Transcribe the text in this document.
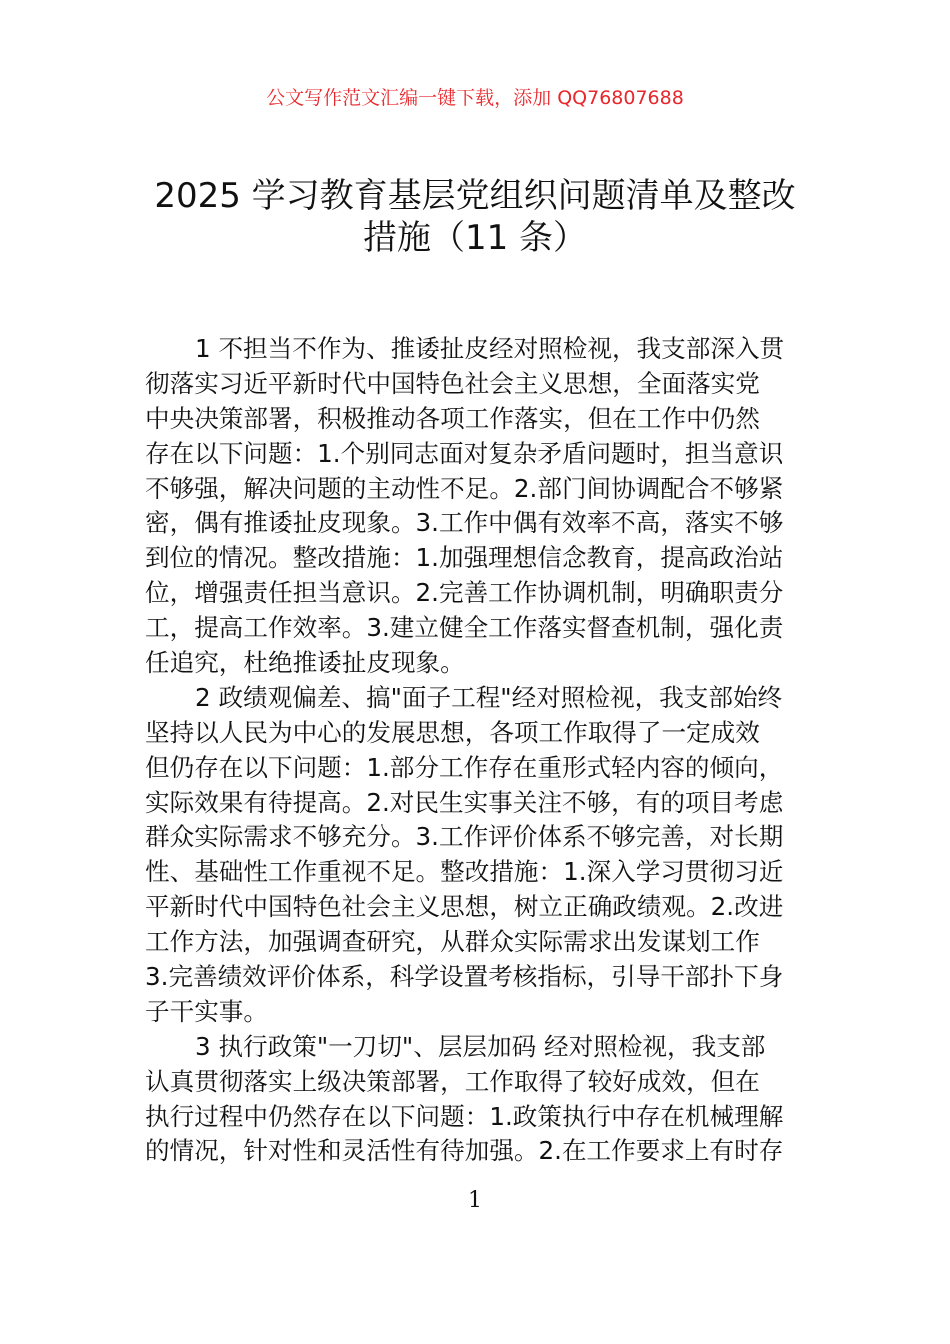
公文写作范文汇编一键下载，添加 QQ76807688
2025 学习教育基层党组织问题清单及整改
措施（11 条）
1 不担当不作为、推诿扯皮经对照检视，我支部深入贯
彻落实习近平新时代中国特色社会主义思想，全面落实党
中央决策部署，积极推动各项工作落实，但在工作中仍然
存在以下问题：1.个别同志面对复杂矛盾问题时，担当意识
不够强，解决问题的主动性不足。2.部门间协调配合不够紧
密，偶有推诿扯皮现象。3.工作中偶有效率不高，落实不够
到位的情况。整改措施：1.加强理想信念教育，提高政治站
位，增强责任担当意识。2.完善工作协调机制，明确职责分
工，提高工作效率。3.建立健全工作落实督查机制，强化责
任追究，杜绝推诿扯皮现象。
2 政绩观偏差、搞"面子工程"经对照检视，我支部始终
坚持以人民为中心的发展思想，各项工作取得了一定成效
但仍存在以下问题：1.部分工作存在重形式轻内容的倾向，
实际效果有待提高。2.对民生实事关注不够，有的项目考虑
群众实际需求不够充分。3.工作评价体系不够完善，对长期
性、基础性工作重视不足。整改措施：1.深入学习贯彻习近
平新时代中国特色社会主义思想，树立正确政绩观。2.改进
工作方法，加强调查研究，从群众实际需求出发谋划工作
3.完善绩效评价体系，科学设置考核指标，引导干部扑下身
子干实事。
3 执行政策"一刀切"、层层加码 经对照检视，我支部
认真贯彻落实上级决策部署，工作取得了较好成效，但在
执行过程中仍然存在以下问题：1.政策执行中存在机械理解
的情况，针对性和灵活性有待加强。2.在工作要求上有时存
1
